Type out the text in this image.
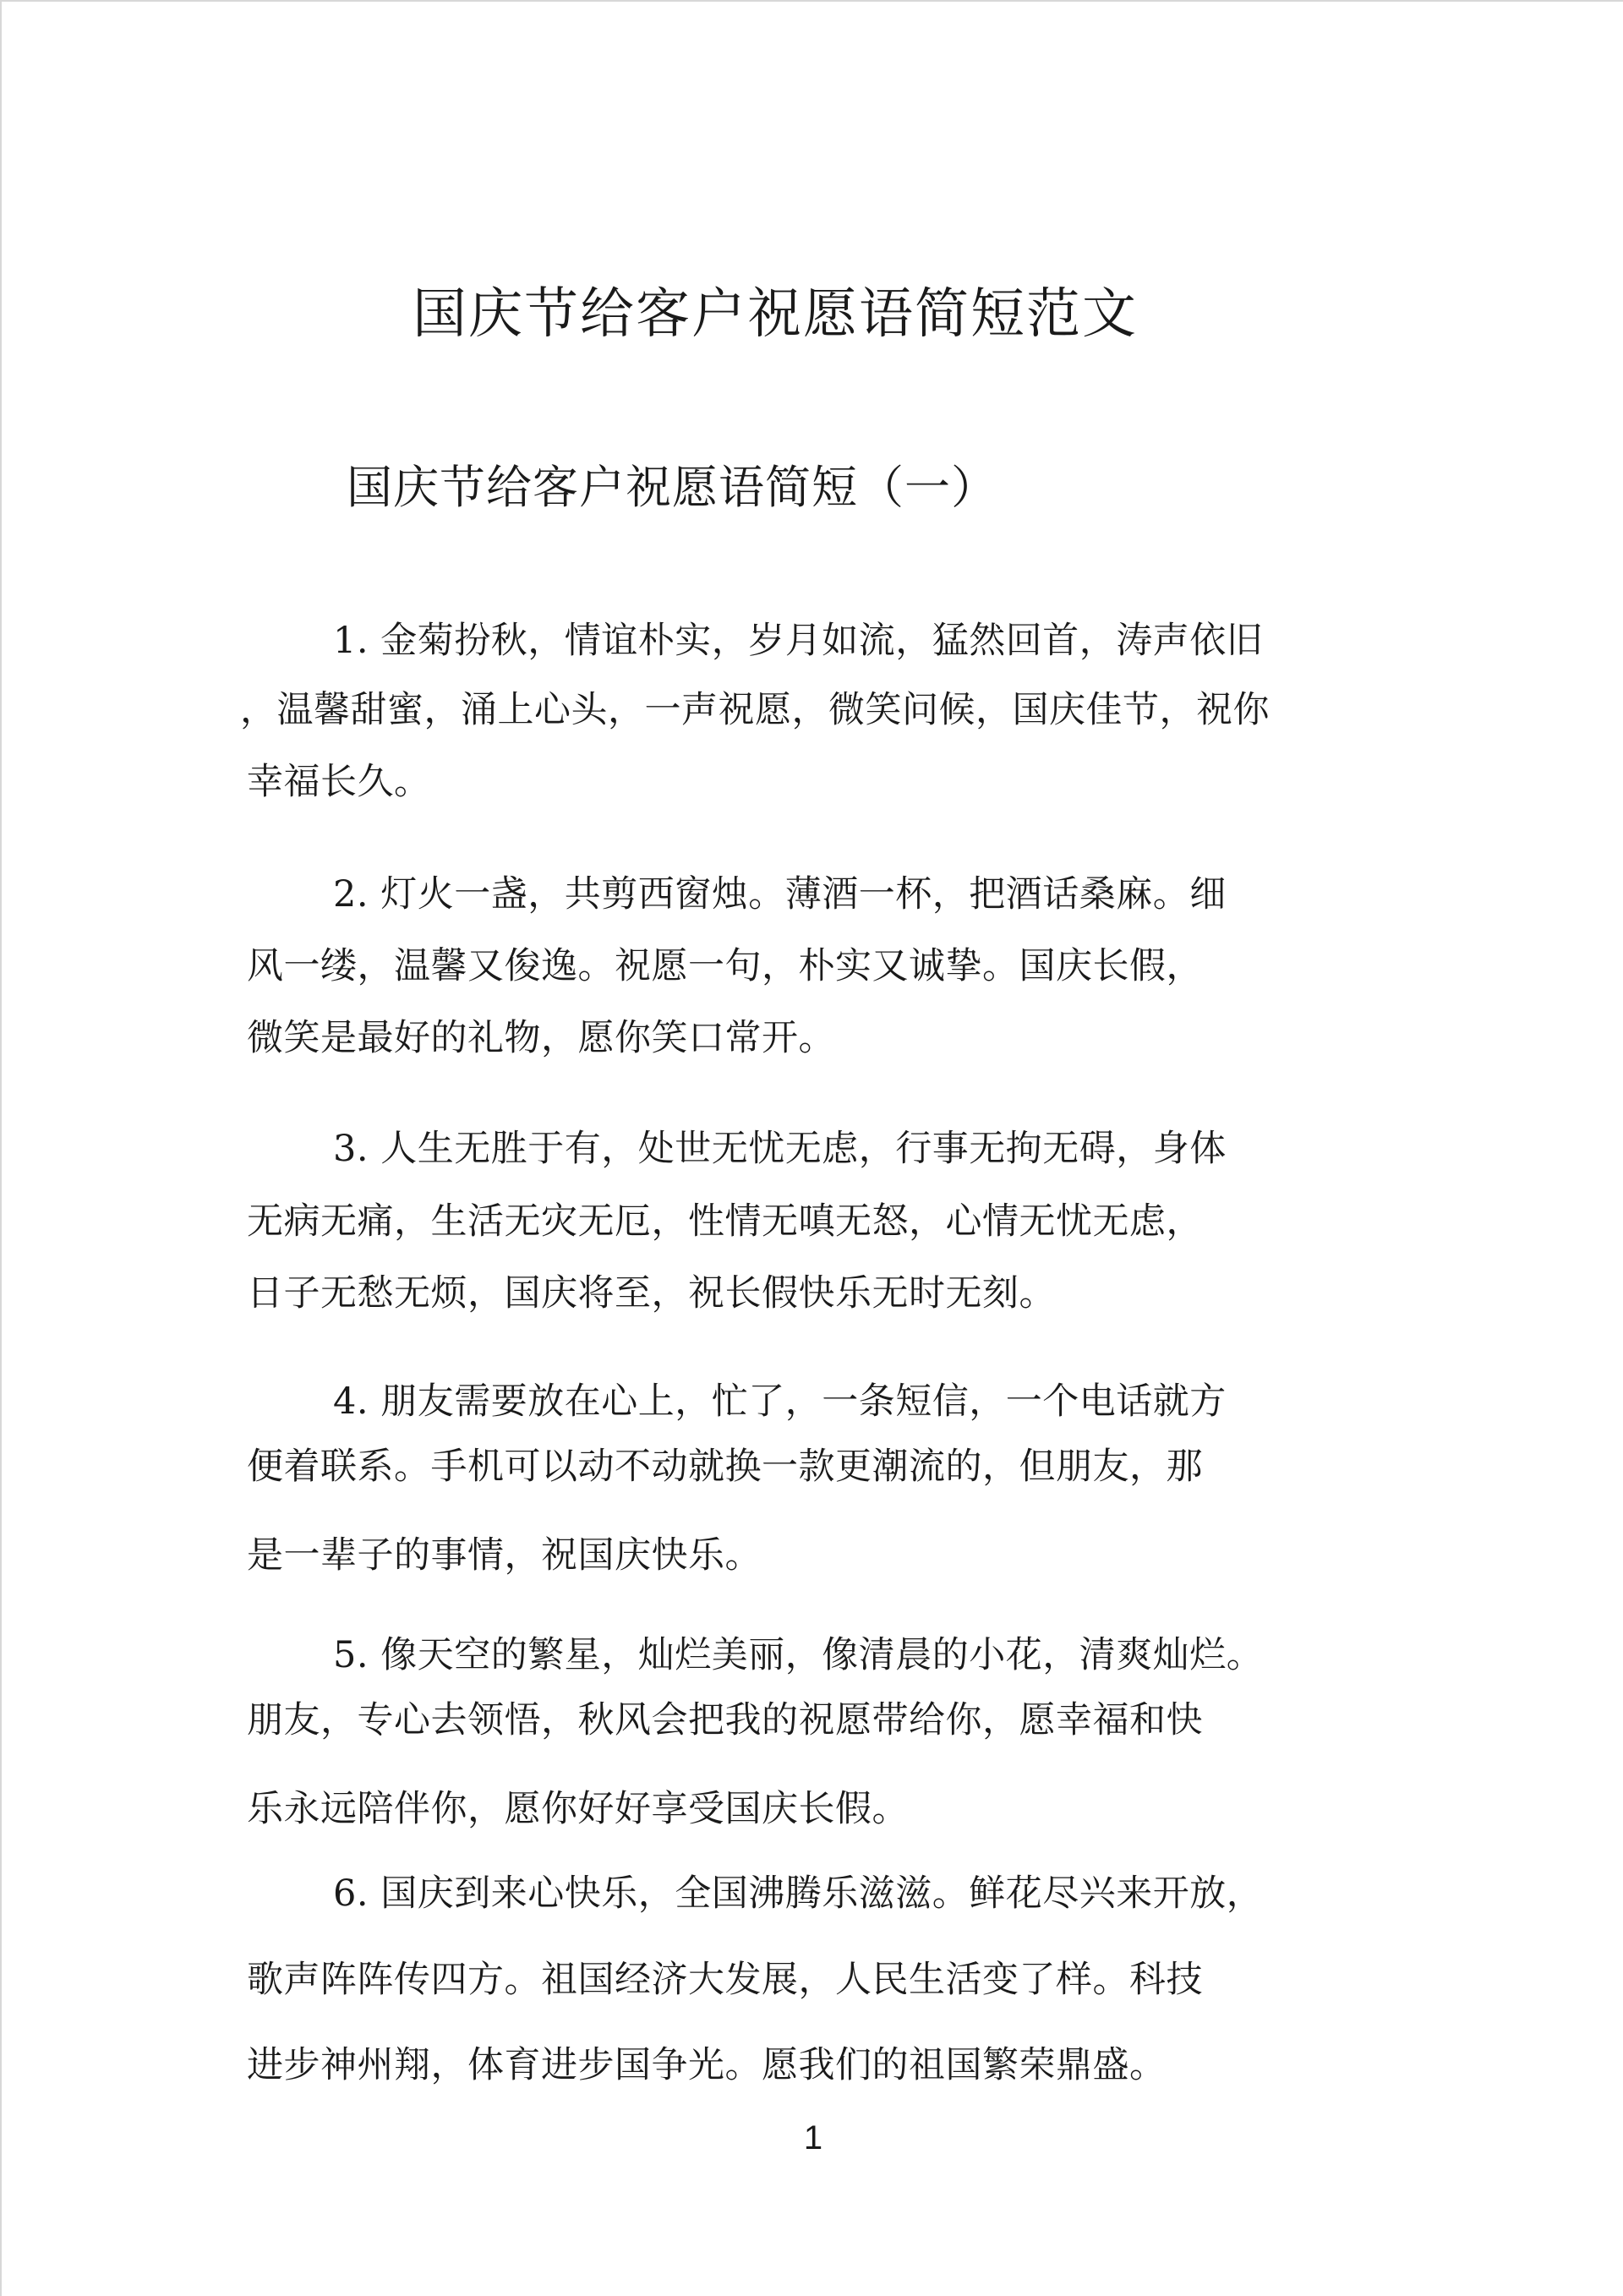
国庆节给客户祝愿语简短范文
国庆节给客户祝愿语简短（一）

1. 金菊扮秋，情谊朴实，岁月如流，猛然回首，涛声依旧

，温馨甜蜜，涌上心头，一声祝愿，微笑问候，国庆佳节，祝你

幸福长久。

2. 灯火一盏，共剪西窗烛。薄酒一杯，把酒话桑麻。细

风一缕，温馨又俊逸。祝愿一句，朴实又诚挚。国庆长假，

微笑是最好的礼物，愿你笑口常开。

3. 人生无胜于有，处世无忧无虑，行事无拘无碍，身体

无病无痛，生活无灾无厄，性情无嗔无怒，心情无忧无虑，

日子无愁无烦，国庆将至，祝长假快乐无时无刻。

4. 朋友需要放在心上，忙了，一条短信，一个电话就方

便着联系。手机可以动不动就换一款更潮流的，但朋友，那

是一辈子的事情，祝国庆快乐。

5. 像天空的繁星，灿烂美丽，像清晨的小花，清爽灿烂。

朋友，专心去领悟，秋风会把我的祝愿带给你，愿幸福和快

乐永远陪伴你，愿你好好享受国庆长假。

6. 国庆到来心快乐，全国沸腾乐滋滋。鲜花尽兴来开放，

歌声阵阵传四方。祖国经济大发展，人民生活变了样。科技

进步神州翔，体育进步国争光。愿我们的祖国繁荣鼎盛。

1
